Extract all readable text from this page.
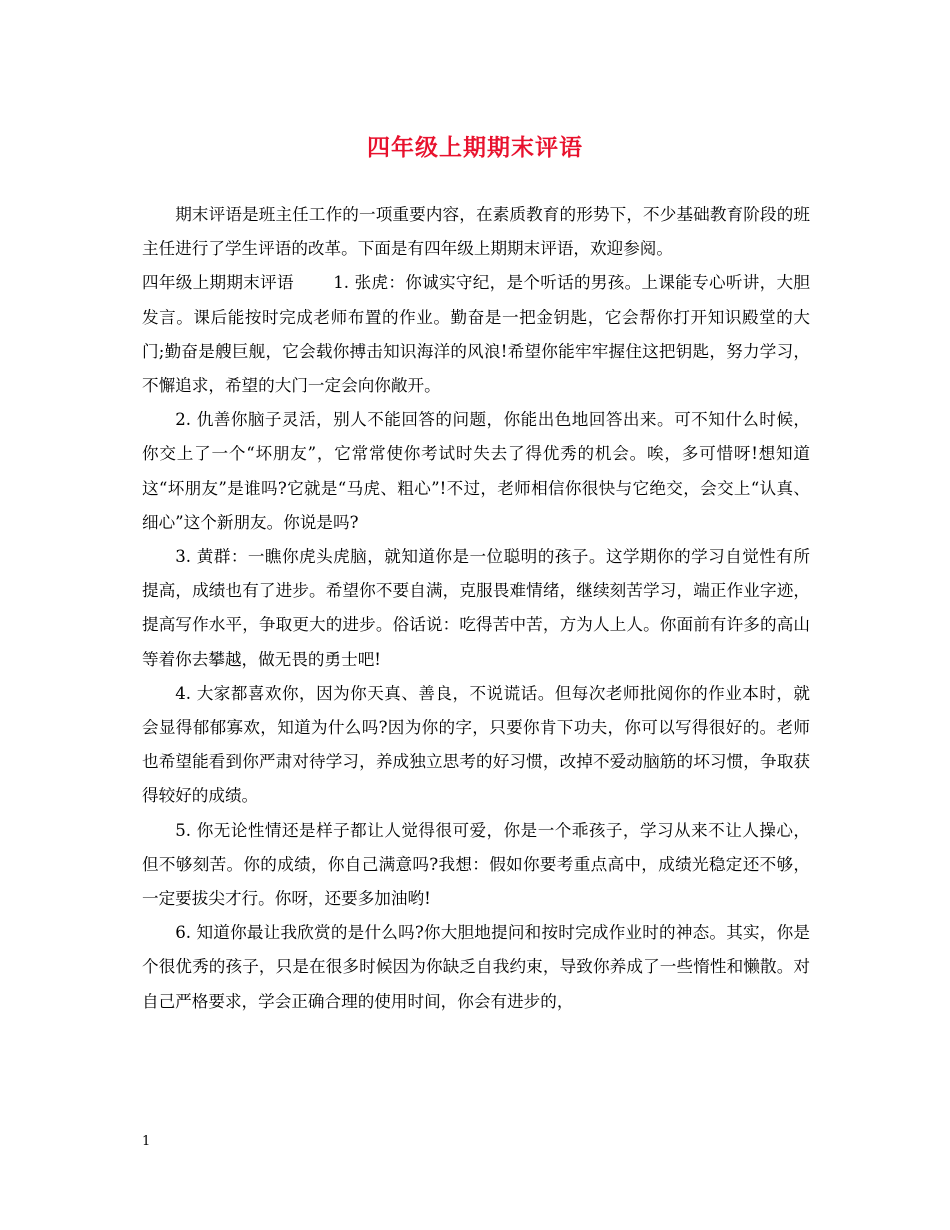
四年级上期期末评语

期末评语是班主任工作的一项重要内容，在素质教育的形势下，不少基础教育阶段的班主任进行了学生评语的改革。下面是有四年级上期期末评语，欢迎参阅。

四年级上期期末评语　　 1. 张虎：你诚实守纪，是个听话的男孩。上课能专心听讲，大胆发言。课后能按时完成老师布置的作业。勤奋是一把金钥匙，它会帮你打开知识殿堂的大门;勤奋是艘巨舰，它会载你搏击知识海洋的风浪!希望你能牢牢握住这把钥匙，努力学习，不懈追求，希望的大门一定会向你敞开。

2. 仇善你脑子灵活，别人不能回答的问题，你能出色地回答出来。可不知什么时候，你交上了一个“坏朋友”，它常常使你考试时失去了得优秀的机会。唉，多可惜呀!想知道这“坏朋友”是谁吗?它就是“马虎、粗心”!不过，老师相信你很快与它绝交，会交上“认真、细心”这个新朋友。你说是吗?

3. 黄群：一瞧你虎头虎脑，就知道你是一位聪明的孩子。这学期你的学习自觉性有所提高，成绩也有了进步。希望你不要自满，克服畏难情绪，继续刻苦学习，端正作业字迹，提高写作水平，争取更大的进步。俗话说：吃得苦中苦，方为人上人。你面前有许多的高山等着你去攀越，做无畏的勇士吧!

4. 大家都喜欢你，因为你天真、善良，不说谎话。但每次老师批阅你的作业本时，就会显得郁郁寡欢，知道为什么吗?因为你的字，只要你肯下功夫，你可以写得很好的。老师也希望能看到你严肃对待学习，养成独立思考的好习惯，改掉不爱动脑筋的坏习惯，争取获得较好的成绩。

5. 你无论性情还是样子都让人觉得很可爱，你是一个乖孩子，学习从来不让人操心，但不够刻苦。你的成绩，你自己满意吗?我想：假如你要考重点高中，成绩光稳定还不够，一定要拔尖才行。你呀，还要多加油哟!

6. 知道你最让我欣赏的是什么吗?你大胆地提问和按时完成作业时的神态。其实，你是个很优秀的孩子，只是在很多时候因为你缺乏自我约束，导致你养成了一些惰性和懒散。对自己严格要求，学会正确合理的使用时间，你会有进步的，

1
